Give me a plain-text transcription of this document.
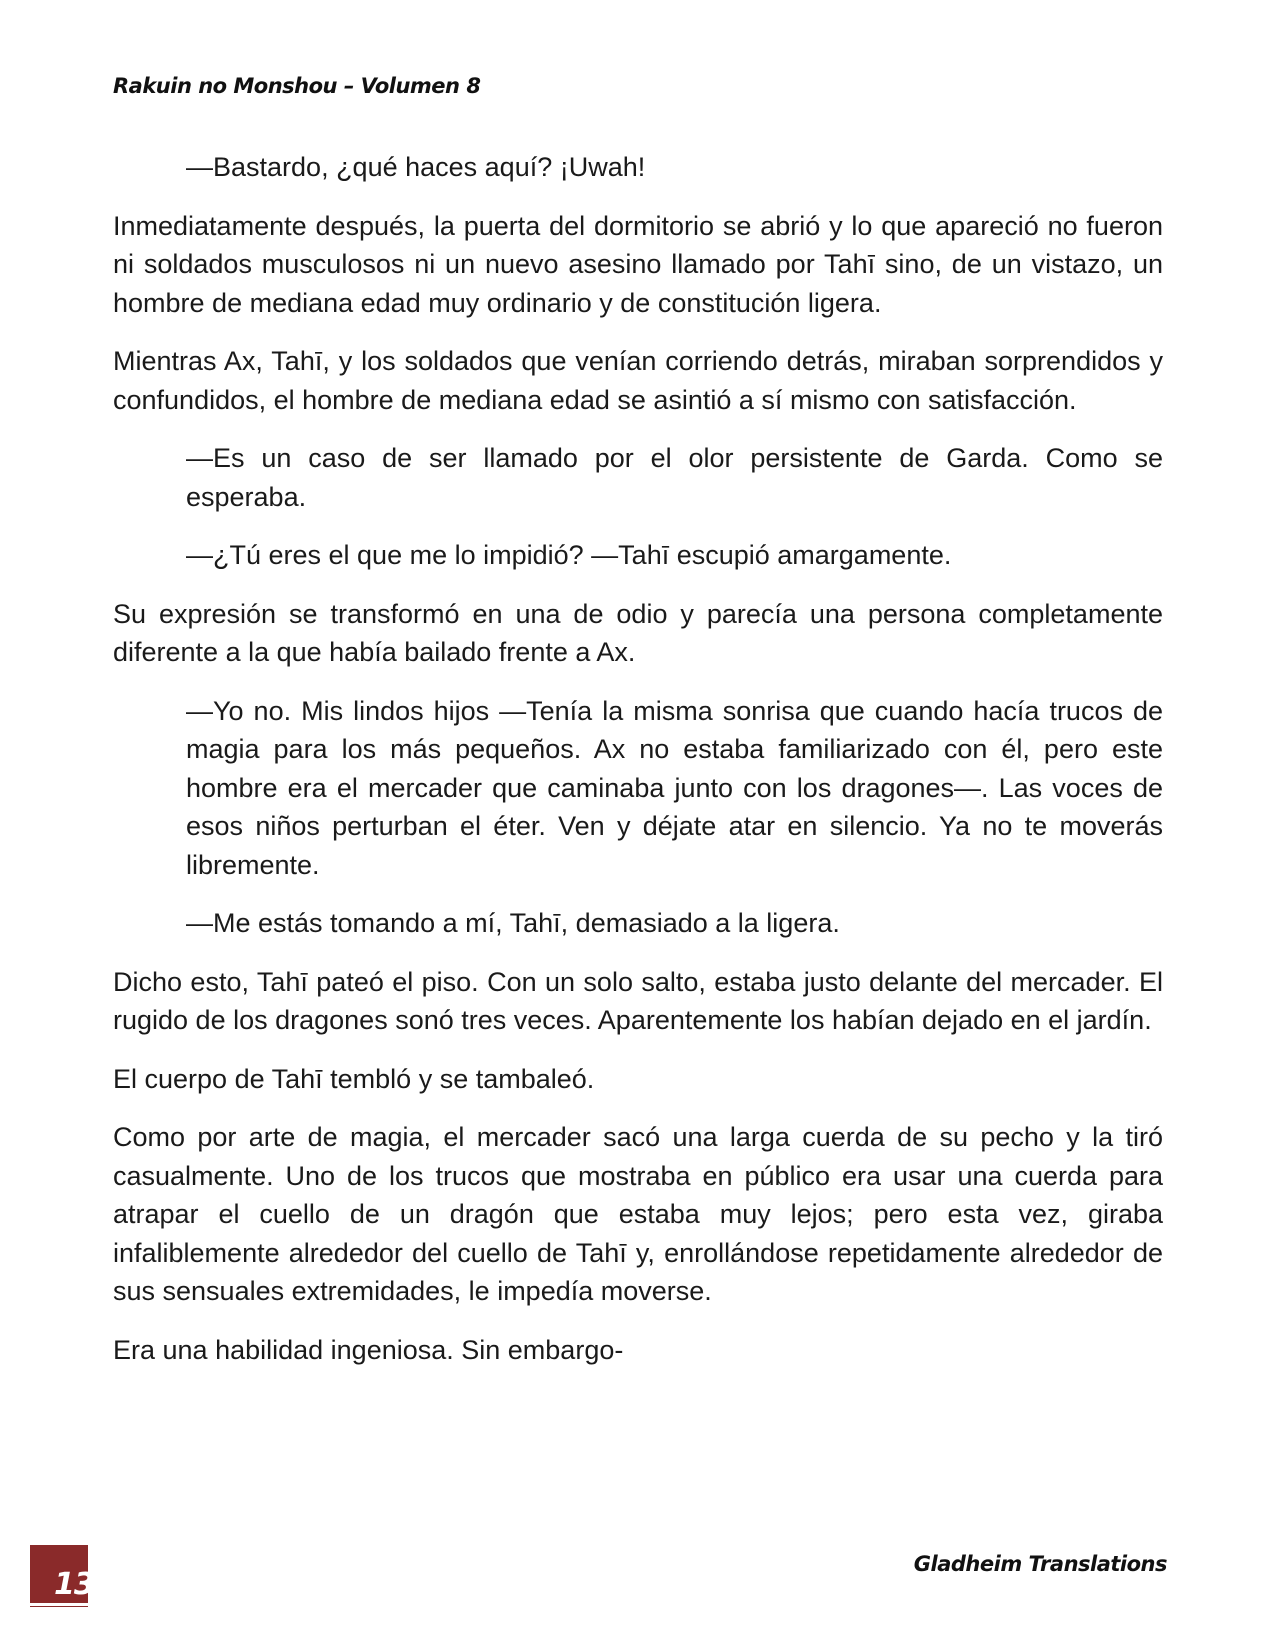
Rakuin no Monshou – Volumen 8

—Bastardo, ¿qué haces aquí? ¡Uwah!

Inmediatamente después, la puerta del dormitorio se abrió y lo que apareció no fueron ni soldados musculosos ni un nuevo asesino llamado por Tahī sino, de un vistazo, un hombre de mediana edad muy ordinario y de constitución ligera.

Mientras Ax, Tahī, y los soldados que venían corriendo detrás, miraban sorprendidos y confundidos, el hombre de mediana edad se asintió a sí mismo con satisfacción.

—Es un caso de ser llamado por el olor persistente de Garda. Como se esperaba.

—¿Tú eres el que me lo impidió? —Tahī escupió amargamente.

Su expresión se transformó en una de odio y parecía una persona completamente diferente a la que había bailado frente a Ax.

—Yo no. Mis lindos hijos —Tenía la misma sonrisa que cuando hacía trucos de magia para los más pequeños. Ax no estaba familiarizado con él, pero este hombre era el mercader que caminaba junto con los dragones—. Las voces de esos niños perturban el éter. Ven y déjate atar en silencio. Ya no te moverás libremente.

—Me estás tomando a mí, Tahī, demasiado a la ligera.

Dicho esto, Tahī pateó el piso. Con un solo salto, estaba justo delante del mercader. El rugido de los dragones sonó tres veces. Aparentemente los habían dejado en el jardín.

El cuerpo de Tahī tembló y se tambaleó.

Como por arte de magia, el mercader sacó una larga cuerda de su pecho y la tiró casualmente. Uno de los trucos que mostraba en público era usar una cuerda para atrapar el cuello de un dragón que estaba muy lejos; pero esta vez, giraba infaliblemente alrededor del cuello de Tahī y, enrollándose repetidamente alrededor de sus sensuales extremidades, le impedía moverse.

Era una habilidad ingeniosa. Sin embargo-

13
Gladheim Translations
